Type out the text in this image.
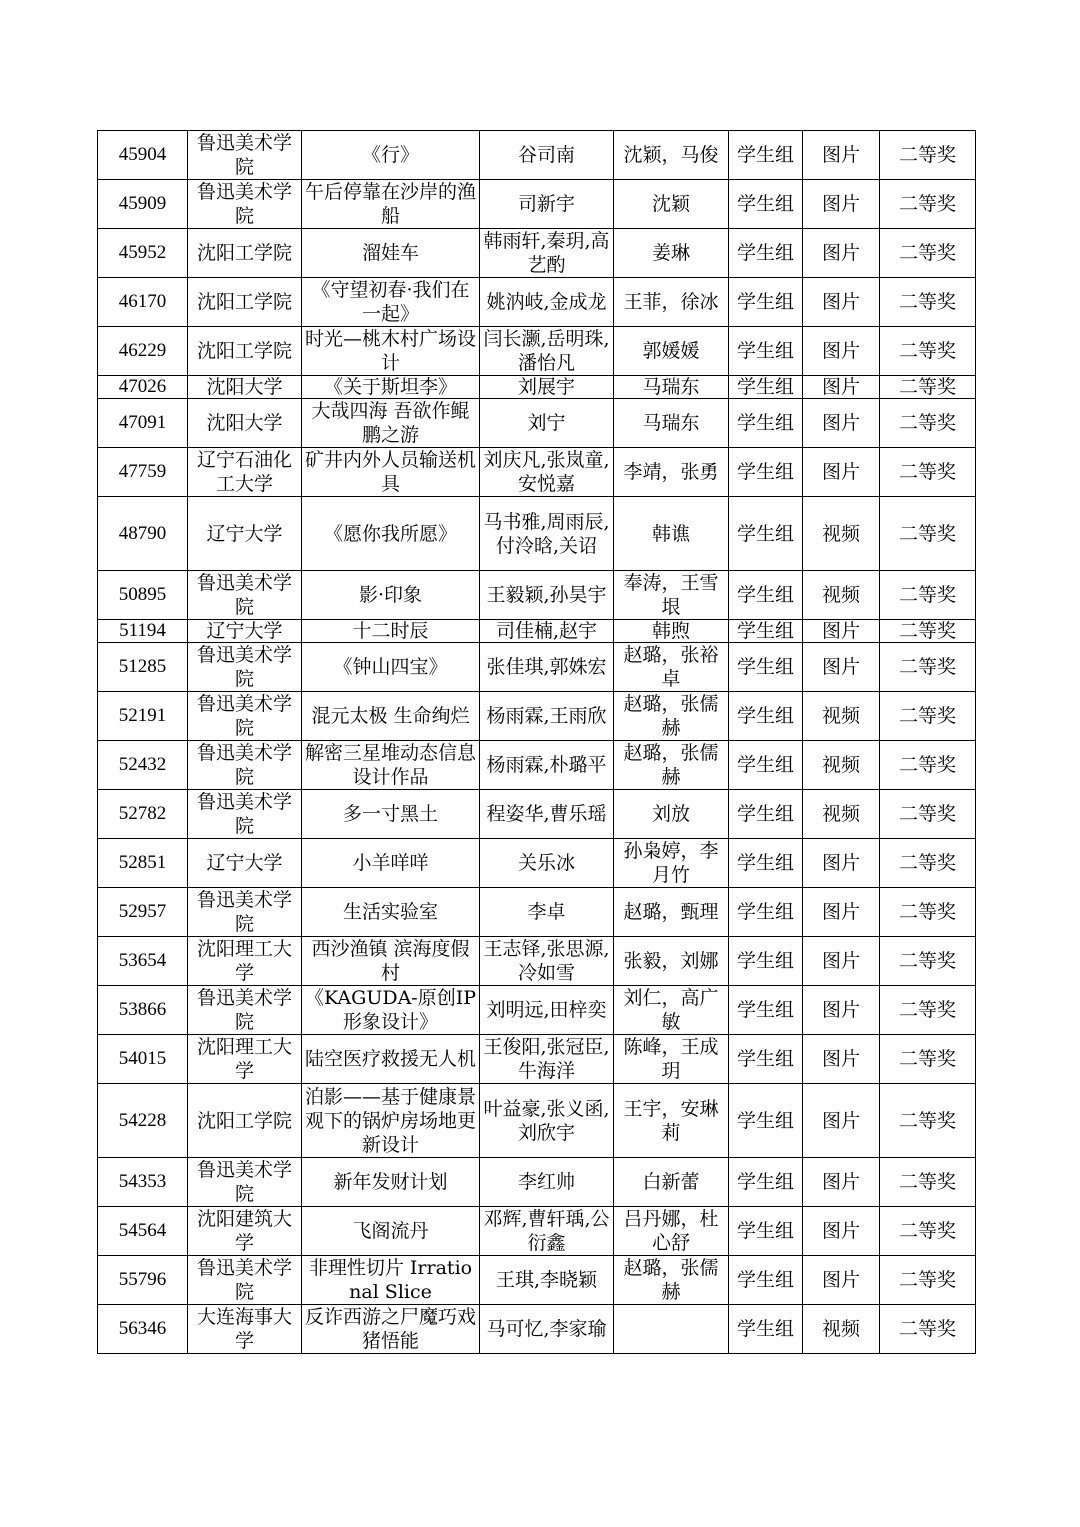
45904	鲁迅美术学院	《行》	谷司南	沈颖，马俊	学生组	图片	二等奖
45909	鲁迅美术学院	午后停靠在沙岸的渔船	司新宇	沈颖	学生组	图片	二等奖
45952	沈阳工学院	溜娃车	韩雨轩,秦玥,高艺酌	姜琳	学生组	图片	二等奖
46170	沈阳工学院	《守望初春·我们在一起》	姚汭岐,金成龙	王菲，徐冰	学生组	图片	二等奖
46229	沈阳工学院	时光—桃木村广场设计	闫长灏,岳明珠,潘怡凡	郭媛媛	学生组	图片	二等奖
47026	沈阳大学	《关于斯坦李》	刘展宇	马瑞东	学生组	图片	二等奖
47091	沈阳大学	大哉四海 吾欲作鲲鹏之游	刘宁	马瑞东	学生组	图片	二等奖
47759	辽宁石油化工大学	矿井内外人员输送机具	刘庆凡,张岚童,安悦嘉	李靖，张勇	学生组	图片	二等奖
48790	辽宁大学	《愿你我所愿》	马书雅,周雨辰,付泠晗,关诏	韩谯	学生组	视频	二等奖
50895	鲁迅美术学院	影·印象	王毅颖,孙昊宇	奉涛，王雪垠	学生组	视频	二等奖
51194	辽宁大学	十二时辰	司佳楠,赵宇	韩煦	学生组	图片	二等奖
51285	鲁迅美术学院	《钟山四宝》	张佳琪,郭姝宏	赵璐，张裕卓	学生组	图片	二等奖
52191	鲁迅美术学院	混元太极 生命绚烂	杨雨霖,王雨欣	赵璐，张儒赫	学生组	视频	二等奖
52432	鲁迅美术学院	解密三星堆动态信息设计作品	杨雨霖,朴璐平	赵璐，张儒赫	学生组	视频	二等奖
52782	鲁迅美术学院	多一寸黑土	程姿华,曹乐瑶	刘放	学生组	视频	二等奖
52851	辽宁大学	小羊咩咩	关乐冰	孙枭婷，李月竹	学生组	图片	二等奖
52957	鲁迅美术学院	生活实验室	李卓	赵璐，甄理	学生组	图片	二等奖
53654	沈阳理工大学	西沙渔镇 滨海度假村	王志铎,张思源,冷如雪	张毅，刘娜	学生组	图片	二等奖
53866	鲁迅美术学院	《KAGUDA-原创IP形象设计》	刘明远,田梓奕	刘仁，高广敏	学生组	图片	二等奖
54015	沈阳理工大学	陆空医疗救援无人机	王俊阳,张冠臣,牛海洋	陈峰，王成玥	学生组	图片	二等奖
54228	沈阳工学院	泊影——基于健康景观下的锅炉房场地更新设计	叶益豪,张义函,刘欣宇	王宇，安琳莉	学生组	图片	二等奖
54353	鲁迅美术学院	新年发财计划	李红帅	白新蕾	学生组	图片	二等奖
54564	沈阳建筑大学	飞阁流丹	邓辉,曹轩瑀,公衍鑫	吕丹娜，杜心舒	学生组	图片	二等奖
55796	鲁迅美术学院	非理性切片 Irrational Slice	王琪,李晓颖	赵璐，张儒赫	学生组	图片	二等奖
56346	大连海事大学	反诈西游之尸魔巧戏猪悟能	马可忆,李家瑜		学生组	视频	二等奖
